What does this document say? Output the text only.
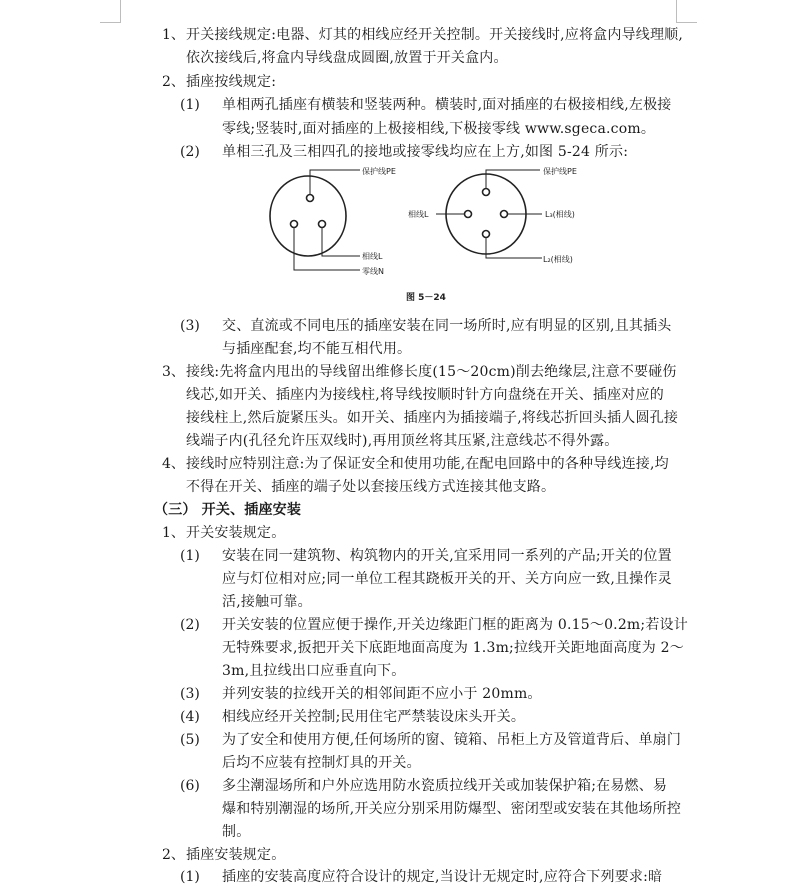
1、 开关接线规定:电器、灯其的相线应经开关控制。开关接线时,应将盒内导线理顺,
依次接线后,将盒内导线盘成圆圈,放置于开关盒内。
2、 插座按线规定:
(1) 单相两孔插座有横装和竖装两种。横装时,面对插座的右极接相线,左极接
零线;竖装时,面对插座的上极接相线,下极接零线 www.sgeca.com。
(2) 单相三孔及三相四孔的接地或接零线均应在上方,如图 5-24 所示:
保护线PE
相线L
零线N
保护线PE
相线L	L₃(相线)
L₂(相线)
图 5－24
(3) 交、直流或不同电压的插座安装在同一场所时,应有明显的区别,且其插头
与插座配套,均不能互相代用。
3、 接线:先将盒内甩出的导线留出维修长度(15～20cm)削去绝缘层,注意不要碰伤
线芯,如开关、插座内为接线柱,将导线按顺时针方向盘绕在开关、插座对应的
接线柱上,然后旋紧压头。如开关、插座内为插接端子,将线芯折回头插人圆孔接
线端子内(孔径允许压双线时),再用顶丝将其压紧,注意线芯不得外露。
4、 接线时应特别注意:为了保证安全和使用功能,在配电回路中的各种导线连接,均
不得在开关、插座的端子处以套接压线方式连接其他支路。
（三） 开关、插座安装
1、 开关安装规定。
(1) 安装在同一建筑物、构筑物内的开关,宜采用同一系列的产品;开关的位置
应与灯位相对应;同一单位工程其跷板开关的开、关方向应一致,且操作灵
活,接触可靠。
(2) 开关安装的位置应便于操作,开关边缘距门框的距离为 0.15～0.2m;若设计
无特殊要求,扳把开关下底距地面高度为 1.3m;拉线开关距地面高度为 2～
3m,且拉线出口应垂直向下。
(3) 并列安装的拉线开关的相邻间距不应小于 20mm。
(4) 相线应经开关控制;民用住宅严禁装设床头开关。
(5) 为了安全和使用方便,任何场所的窗、镜箱、吊柜上方及管道背后、单扇门
后均不应装有控制灯具的开关。
(6) 多尘潮湿场所和户外应选用防水瓷质拉线开关或加装保护箱;在易燃、易
爆和特别潮湿的场所,开关应分别采用防爆型、密闭型或安装在其他场所控
制。
2、 插座安装规定。
(1) 插座的安装高度应符合设计的规定,当设计无规定时,应符合下列要求:暗
